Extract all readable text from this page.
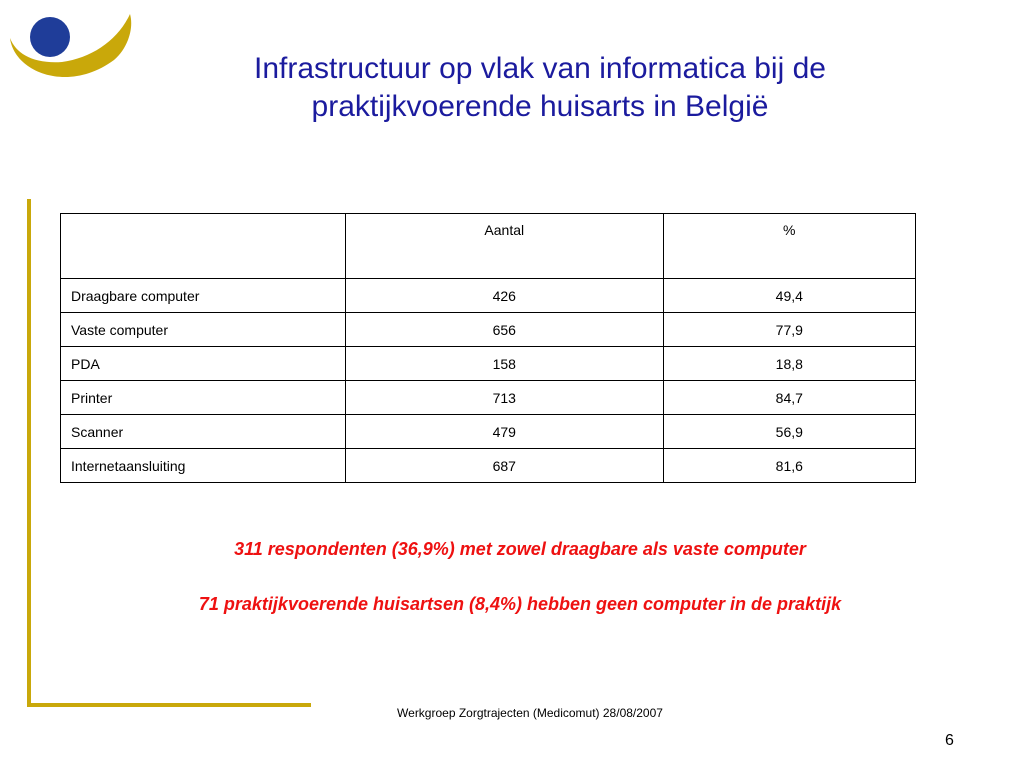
Infrastructuur op vlak van informatica bij de praktijkvoerende huisarts in België
	Aantal	%
Draagbare computer	426	49,4
Vaste computer	656	77,9
PDA	158	18,8
Printer	713	84,7
Scanner	479	56,9
Internetaansluiting	687	81,6
311 respondenten (36,9%) met zowel draagbare als vaste computer
71 praktijkvoerende huisartsen (8,4%) hebben geen computer in de praktijk
Werkgroep Zorgtrajecten (Medicomut) 28/08/2007
6
